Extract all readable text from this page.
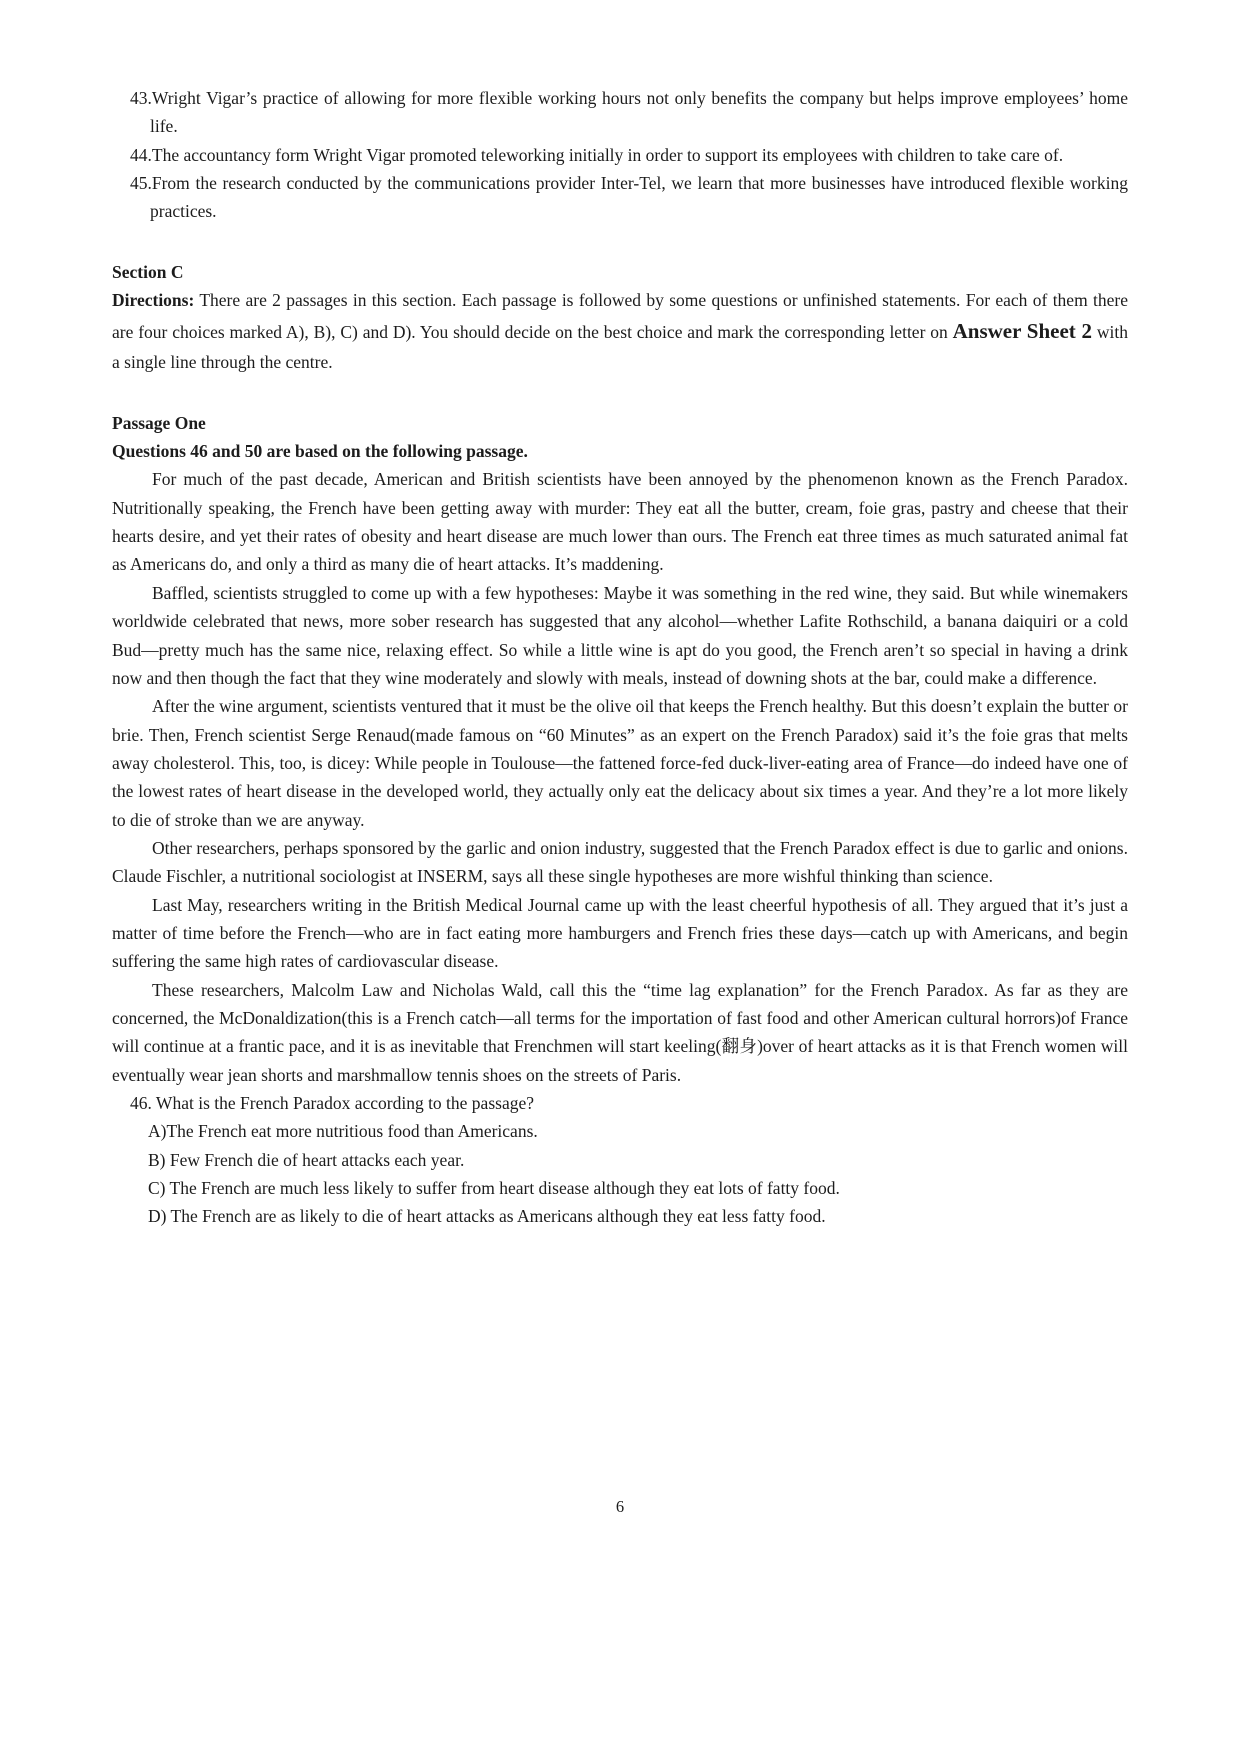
43.Wright Vigar’s practice of allowing for more flexible working hours not only benefits the company but helps improve employees’ home life.
44.The accountancy form Wright Vigar promoted teleworking initially in order to support its employees with children to take care of.
45.From the research conducted by the communications provider Inter-Tel, we learn that more businesses have introduced flexible working practices.
Section C
Directions: There are 2 passages in this section. Each passage is followed by some questions or unfinished statements. For each of them there are four choices marked A), B), C) and D). You should decide on the best choice and mark the corresponding letter on Answer Sheet 2 with a single line through the centre.
Passage One
Questions 46 and 50 are based on the following passage.
For much of the past decade, American and British scientists have been annoyed by the phenomenon known as the French Paradox. Nutritionally speaking, the French have been getting away with murder: They eat all the butter, cream, foie gras, pastry and cheese that their hearts desire, and yet their rates of obesity and heart disease are much lower than ours. The French eat three times as much saturated animal fat as Americans do, and only a third as many die of heart attacks. It’s maddening.
Baffled, scientists struggled to come up with a few hypotheses: Maybe it was something in the red wine, they said. But while winemakers worldwide celebrated that news, more sober research has suggested that any alcohol—whether Lafite Rothschild, a banana daiquiri or a cold Bud—pretty much has the same nice, relaxing effect. So while a little wine is apt do you good, the French aren’t so special in having a drink now and then though the fact that they wine moderately and slowly with meals, instead of downing shots at the bar, could make a difference.
After the wine argument, scientists ventured that it must be the olive oil that keeps the French healthy. But this doesn’t explain the butter or brie. Then, French scientist Serge Renaud(made famous on “60 Minutes” as an expert on the French Paradox) said it’s the foie gras that melts away cholesterol. This, too, is dicey: While people in Toulouse—the fattened force-fed duck-liver-eating area of France—do indeed have one of the lowest rates of heart disease in the developed world, they actually only eat the delicacy about six times a year. And they’re a lot more likely to die of stroke than we are anyway.
Other researchers, perhaps sponsored by the garlic and onion industry, suggested that the French Paradox effect is due to garlic and onions. Claude Fischler, a nutritional sociologist at INSERM, says all these single hypotheses are more wishful thinking than science.
Last May, researchers writing in the British Medical Journal came up with the least cheerful hypothesis of all. They argued that it’s just a matter of time before the French—who are in fact eating more hamburgers and French fries these days—catch up with Americans, and begin suffering the same high rates of cardiovascular disease.
These researchers, Malcolm Law and Nicholas Wald, call this the “time lag explanation” for the French Paradox. As far as they are concerned, the McDonaldization(this is a French catch—all terms for the importation of fast food and other American cultural horrors)of France will continue at a frantic pace, and it is as inevitable that Frenchmen will start keeling(翻身)over of heart attacks as it is that French women will eventually wear jean shorts and marshmallow tennis shoes on the streets of Paris.
46. What is the French Paradox according to the passage?
A)The French eat more nutritious food than Americans.
B) Few French die of heart attacks each year.
C) The French are much less likely to suffer from heart disease although they eat lots of fatty food.
D) The French are as likely to die of heart attacks as Americans although they eat less fatty food.
6
